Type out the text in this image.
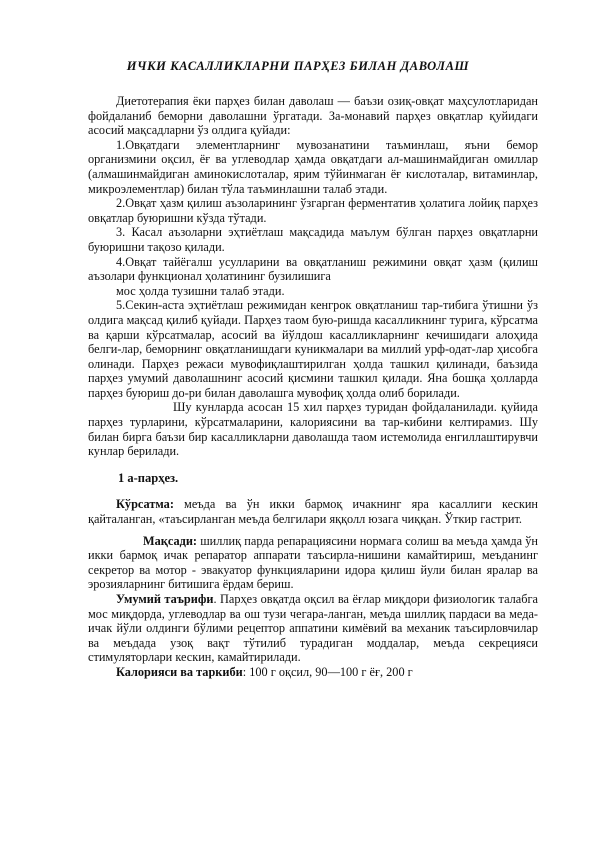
ИЧКИ КАСАЛЛИКЛАРНИ ПАРҲЕЗ БИЛАН ДАВОЛАШ

Диетотерапия ёки парҳез билан даволаш — баъзи озиқ-овқат маҳсулотларидан фойдаланиб беморни даволашни ўргатади. За-монавий парҳез овқатлар қуйидаги асосий мақсадларни ўз олдига қуйади:

1.Овқатдаги элементларнинг мувозанатини таъминлаш, яъни бемор организмини оқсил, ёғ ва углеводлар ҳамда овқатдаги ал-машинмайдиган омиллар (алмашинмайдиган аминокислоталар, ярим тўйинмаган ёғ кислоталар, витаминлар, микроэлементлар) билан тўла таъминлашни талаб этади.

2.Овқат ҳазм қилиш аъзоларининг ўзгарган ферментатив ҳолатига лойиқ парҳез овқатлар буюришни кўзда тўтади.

3. Касал аъзоларни эҳтиётлаш мақсадида маълум бўлган парҳез овқатларни буюришни тақозо қилади.

4.Овқат тайёгалш усулларини ва овқатланиш режимини овқат ҳазм (қилиш аъзолари функционал ҳолатининг бузилишига

мос ҳолда тузишни талаб этади.

5.Секин-аста эҳтиётлаш режимидан кенгрок овқатланиш тар-тибига ўтишни ўз олдига мақсад қилиб қуйади. Парҳез таом бую-ришда касалликнинг турига, кўрсатма ва қарши кўрсатмалар, асосий ва йўлдош касалликларнинг кечишидаги алоҳида белги-лар, беморнинг овқатланишдаги куникмалари ва миллий урф-одат-лар ҳисобга олинади. Парҳез режаси мувофиқлаштирилган ҳолда ташкил қилинади, баъзида парҳез умумий даволашнинг асосий қисмини ташкил қилади. Яна бошқа ҳолларда парҳез буюриш до-ри билан даволашга мувофиқ ҳолда олиб борилади.

Шу кунларда асосан 15 хил парҳез туридан фойдаланилади. қуйида парҳез турларини, кўрсатмаларини, калориясини ва тар-кибини келтирамиз. Шу билан бирга баъзи бир касалликларни даволашда таом истемолида енгиллаштирувчи кунлар берилади.

1 а-парҳез.

Кўрсатма: меъда ва ўн икки бармоқ ичакнинг яра касаллиги кескин қайталанган, «таъсирланган меъда белгилари яққолл юзага чиққан. Ўткир гастрит.

Мақсади: шиллиқ парда репарациясини нормага солиш ва меъда ҳамда ўн икки бармоқ ичак репаратор аппарати таъсирла-нишини камайтириш, меъданинг секретор ва мотор - эвакуатор функцияларини идора қилиш йули билан яралар ва эрозияларнинг битишига ёрдам бериш.

Умумий таърифи. Парҳез овқатда оқсил ва ёғлар миқдори физиологик талабга мос миқдорда, углеводлар ва ош тузи чегара-ланган, меъда шиллиқ пардаси ва меда-ичак йўли олдинги бўлими рецептор аппатини кимёвий ва механик таъсирловчилар ва меъдада узоқ вақт тўтилиб турадиган моддалар, меъда секрецияси стимуляторлари кескин, камайтирилади.

Калорияси ва таркиби: 100 г оқсил, 90—100 г ёғ, 200 г
